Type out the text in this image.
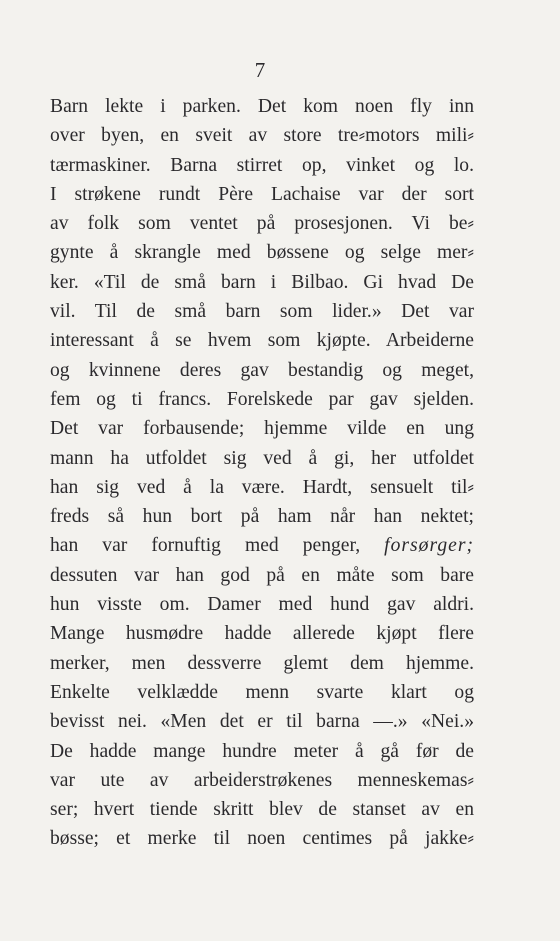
7
Barn lekte i parken. Det kom noen fly inn
over byen, en sveit av store tre⸗motors mili⸗
tærmaskiner. Barna stirret op, vinket og lo.
I strøkene rundt Père Lachaise var der sort
av folk som ventet på prosesjonen. Vi be⸗
gynte å skrangle med bøssene og selge mer⸗
ker. «Til de små barn i Bilbao. Gi hvad De
vil. Til de små barn som lider.» Det var
interessant å se hvem som kjøpte. Arbeiderne
og kvinnene deres gav bestandig og meget,
fem og ti francs. Forelskede par gav sjelden.
Det var forbausende; hjemme vilde en ung
mann ha utfoldet sig ved å gi, her utfoldet
han sig ved å la være. Hardt, sensuelt til⸗
freds så hun bort på ham når han nektet;
han var fornuftig med penger, forsørger;
dessuten var han god på en måte som bare
hun visste om. Damer med hund gav aldri.
Mange husmødre hadde allerede kjøpt flere
merker, men dessverre glemt dem hjemme.
Enkelte velklædde menn svarte klart og
bevisst nei. «Men det er til barna —.» «Nei.»
De hadde mange hundre meter å gå før de
var ute av arbeiderstrøkenes menneskemas⸗
ser; hvert tiende skritt blev de stanset av en
bøsse; et merke til noen centimes på jakke⸗
